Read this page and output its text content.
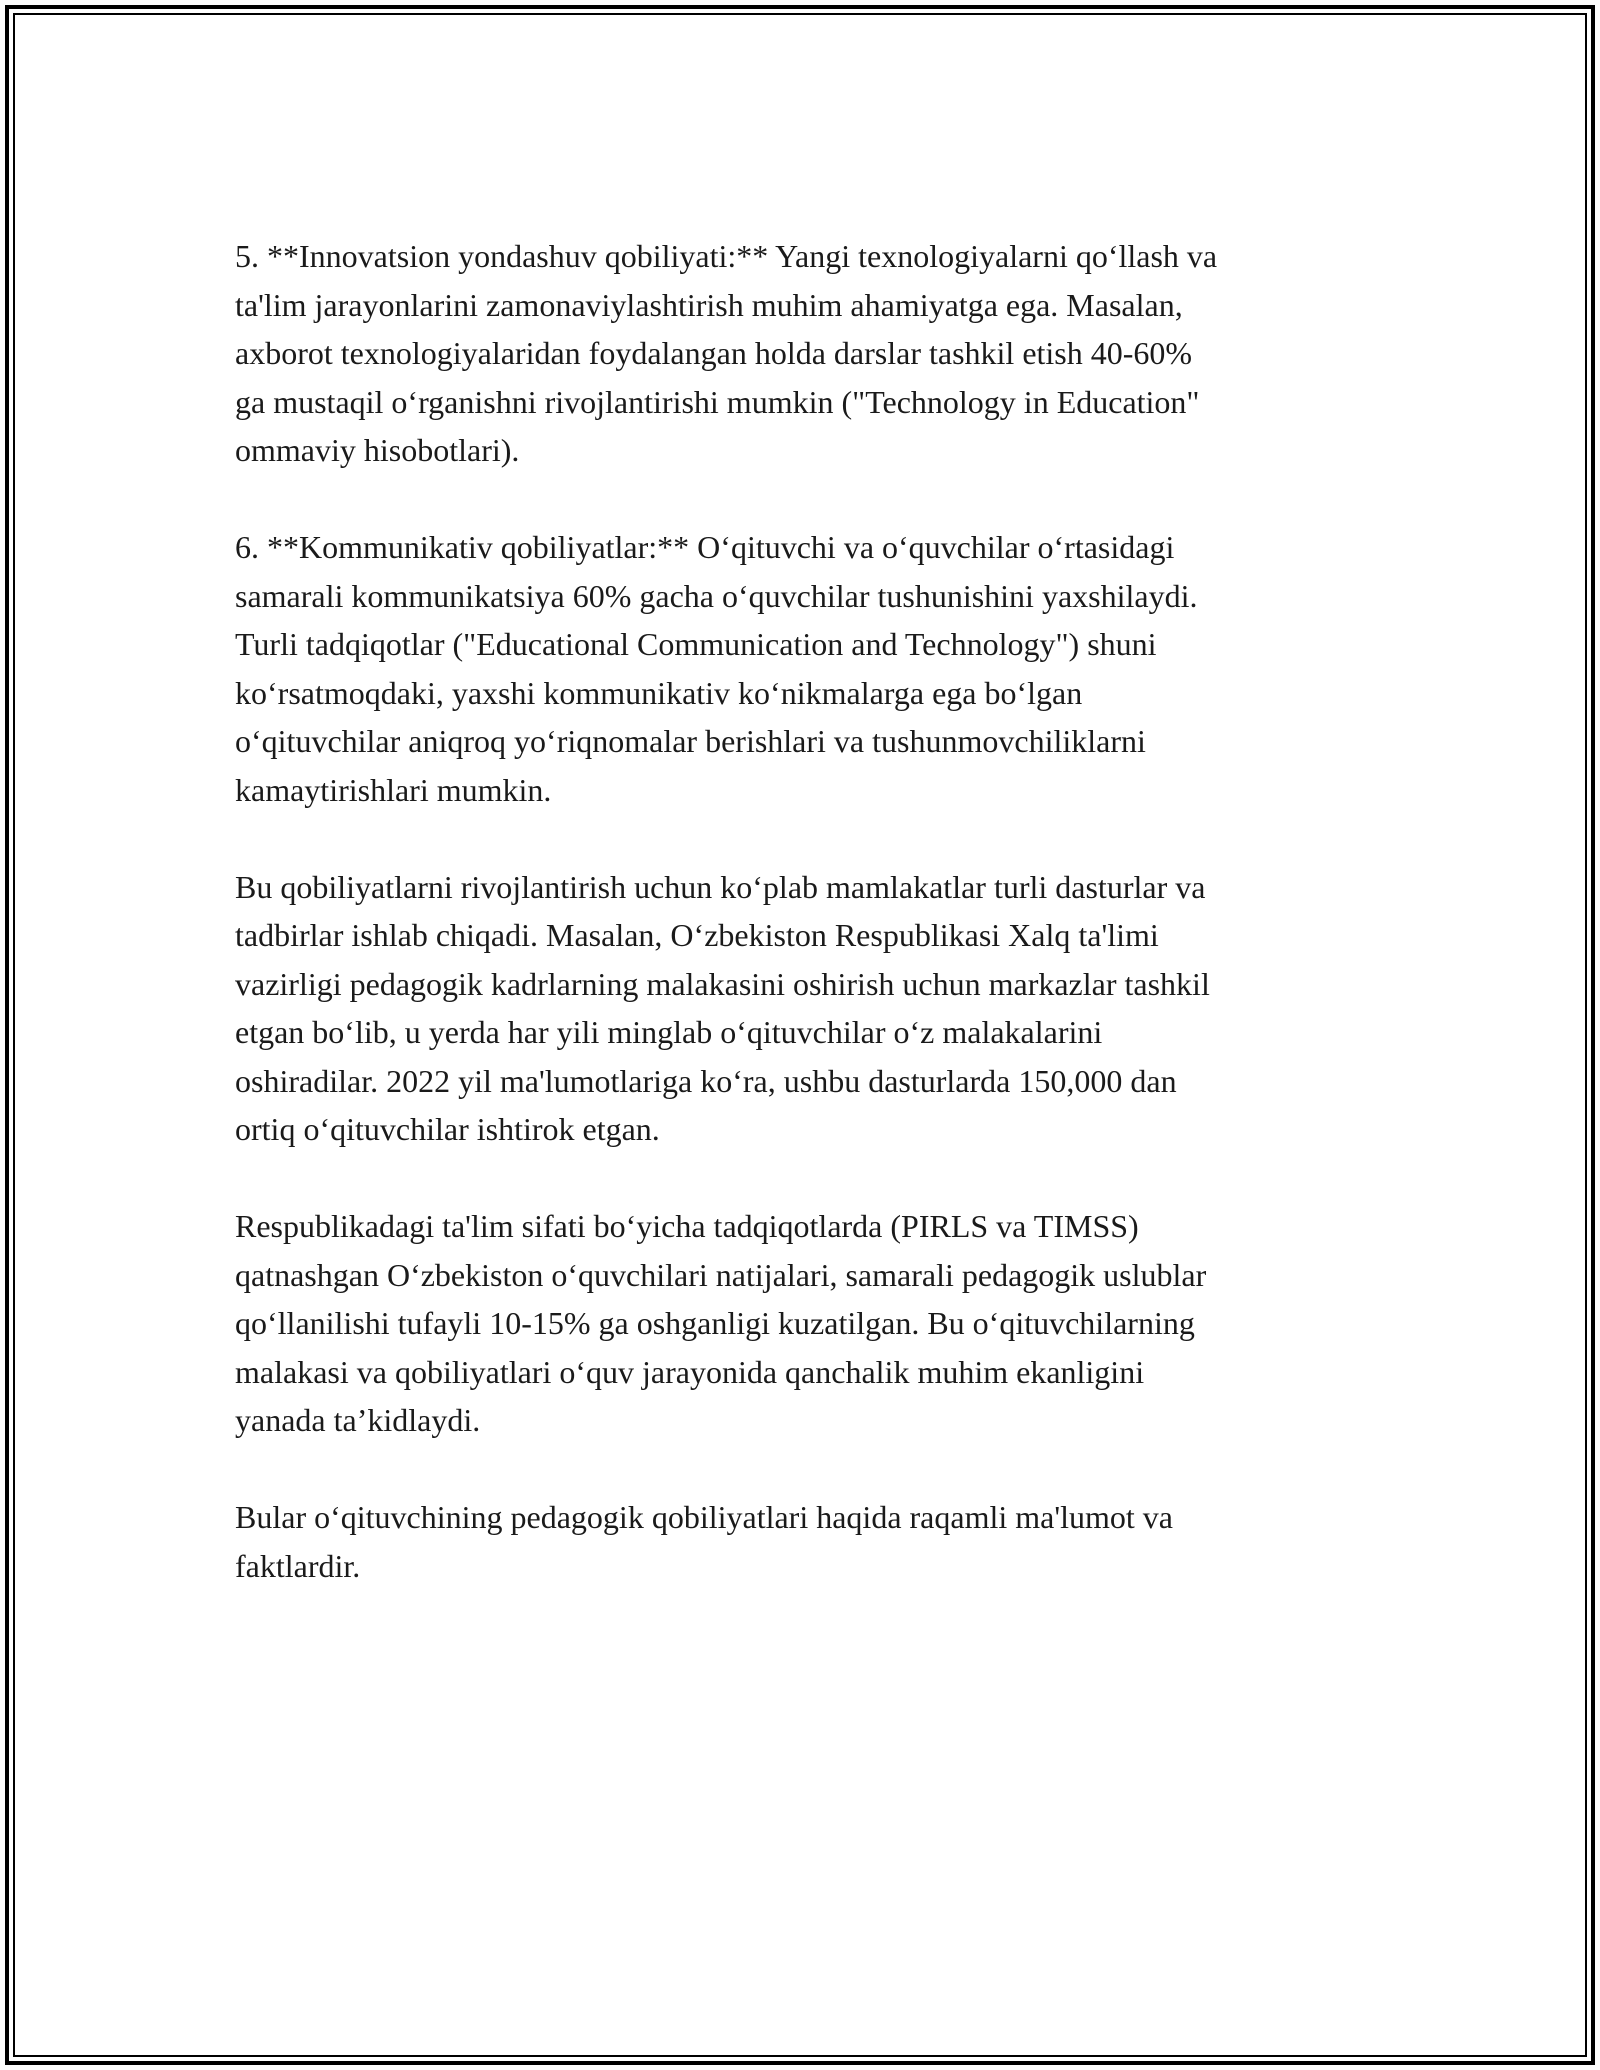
5. **Innovatsion yondashuv qobiliyati:** Yangi texnologiyalarni qo‘llash va
ta'lim jarayonlarini zamonaviylashtirish muhim ahamiyatga ega. Masalan,
axborot texnologiyalaridan foydalangan holda darslar tashkil etish 40-60%
ga mustaqil o‘rganishni rivojlantirishi mumkin ("Technology in Education"
ommaviy hisobotlari).

6. **Kommunikativ qobiliyatlar:** O‘qituvchi va o‘quvchilar o‘rtasidagi
samarali kommunikatsiya 60% gacha o‘quvchilar tushunishini yaxshilaydi.
Turli tadqiqotlar ("Educational Communication and Technology") shuni
ko‘rsatmoqdaki, yaxshi kommunikativ ko‘nikmalarga ega bo‘lgan
o‘qituvchilar aniqroq yo‘riqnomalar berishlari va tushunmovchiliklarni
kamaytirishlari mumkin.

Bu qobiliyatlarni rivojlantirish uchun ko‘plab mamlakatlar turli dasturlar va
tadbirlar ishlab chiqadi. Masalan, O‘zbekiston Respublikasi Xalq ta'limi
vazirligi pedagogik kadrlarning malakasini oshirish uchun markazlar tashkil
etgan bo‘lib, u yerda har yili minglab o‘qituvchilar o‘z malakalarini
oshiradilar. 2022 yil ma'lumotlariga ko‘ra, ushbu dasturlarda 150,000 dan
ortiq o‘qituvchilar ishtirok etgan.

Respublikadagi ta'lim sifati bo‘yicha tadqiqotlarda (PIRLS va TIMSS)
qatnashgan O‘zbekiston o‘quvchilari natijalari, samarali pedagogik uslublar
qo‘llanilishi tufayli 10-15% ga oshganligi kuzatilgan. Bu o‘qituvchilarning
malakasi va qobiliyatlari o‘quv jarayonida qanchalik muhim ekanligini
yanada ta’kidlaydi.

Bular o‘qituvchining pedagogik qobiliyatlari haqida raqamli ma'lumot va
faktlardir.
